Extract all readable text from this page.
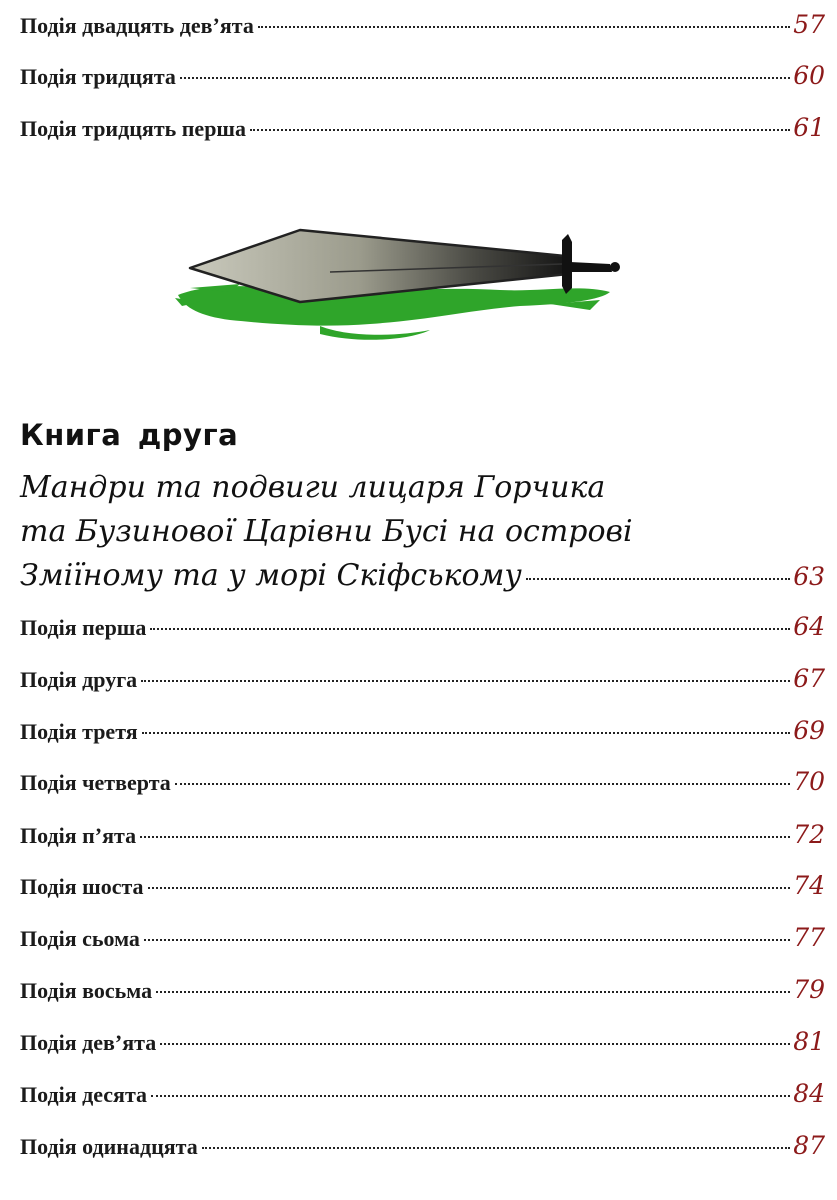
Подія двадцять дев’ята	57
Подія тридцята	60
Подія тридцять перша	61
Книга друга
Мандри та подвиги лицаря Горчика
та Бузинової Царівни Бусі на острові
Зміїному та у морі Скіфському	63
Подія перша	64
Подія друга	67
Подія третя	69
Подія четверта	70
Подія п’ята	72
Подія шоста	74
Подія сьома	77
Подія восьма	79
Подія дев’ята	81
Подія десята	84
Подія одинадцята	87
